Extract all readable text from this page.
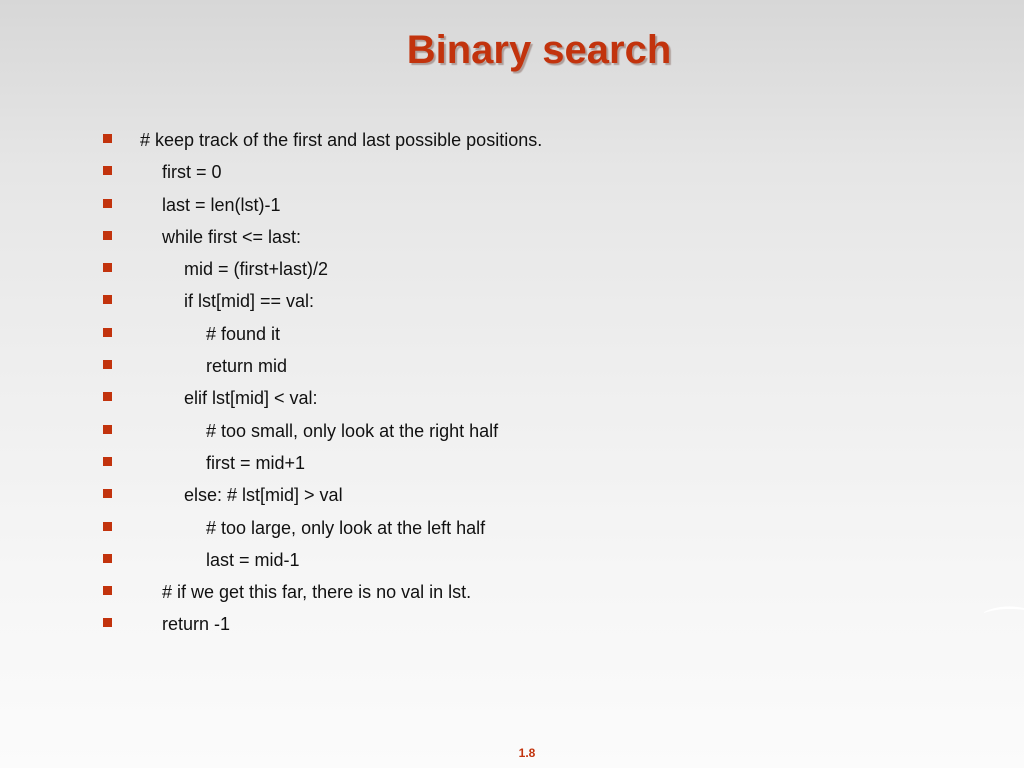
Binary search
# keep track of the first and last possible positions.
first = 0
last = len(lst)-1
while first <= last:
mid = (first+last)/2
if lst[mid] == val:
# found it
return mid
elif lst[mid] < val:
# too small, only look at the right half
first = mid+1
else: # lst[mid] > val
# too large, only look at the left half
last = mid-1
# if we get this far, there is no val in lst.
return -1
1.8
